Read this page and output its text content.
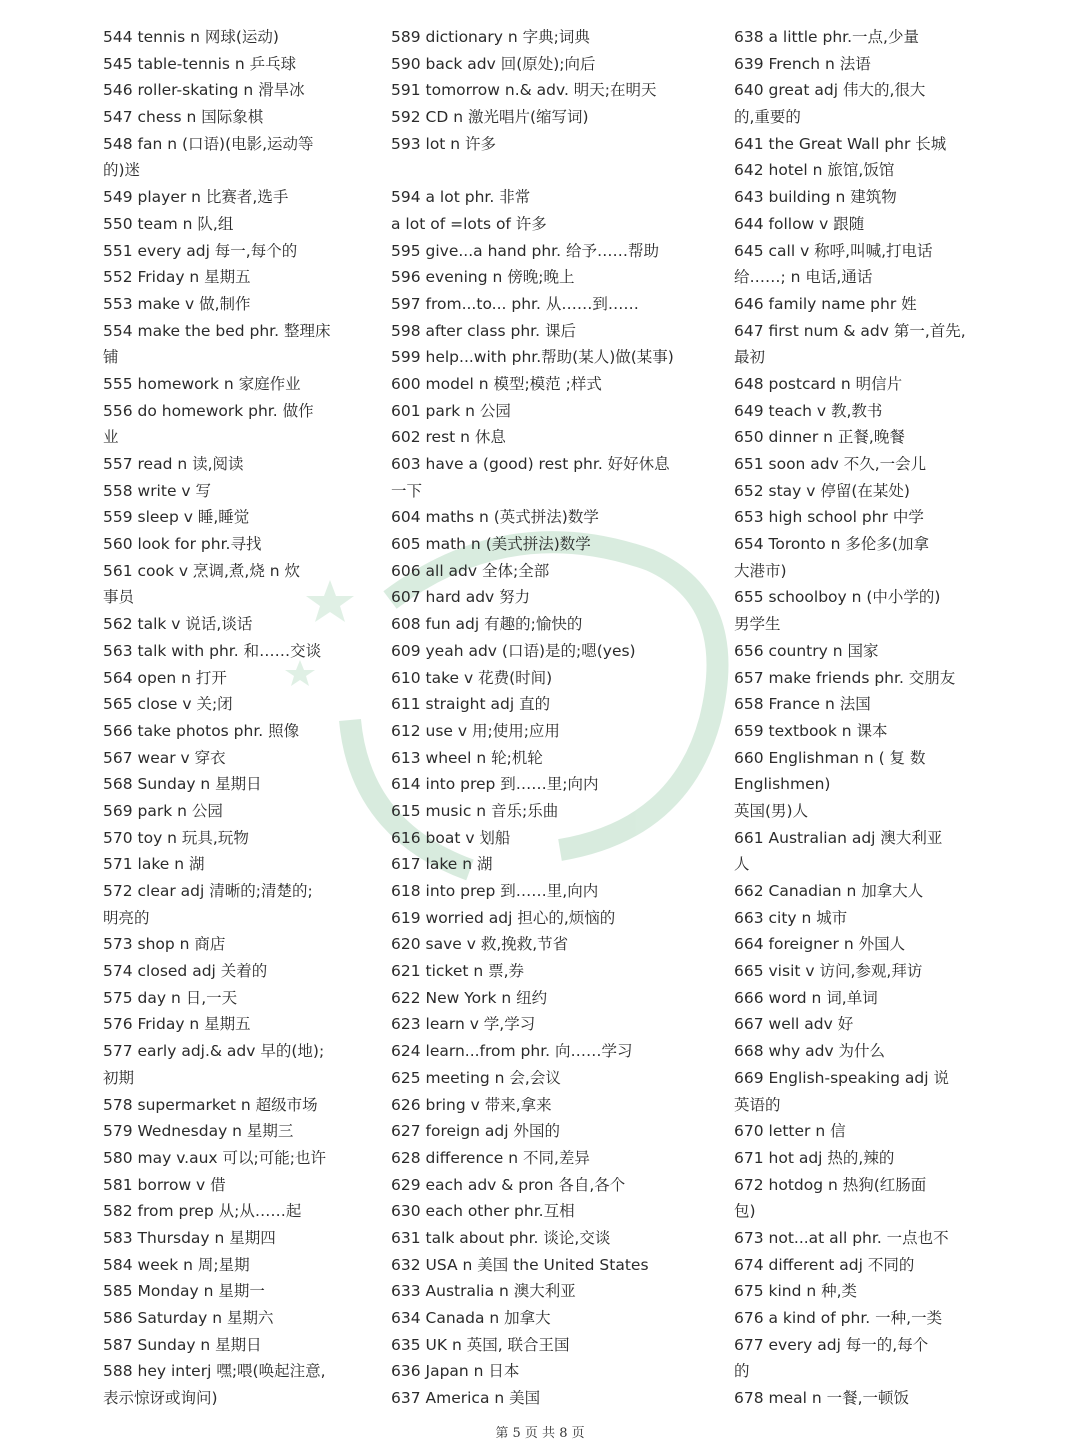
544 tennis n 网球(运动)
545 table-tennis n 乒乓球
546 roller-skating n 滑旱冰
547 chess n 国际象棋
548 fan n (口语)(电影,运动等
的)迷
549 player n 比赛者,选手
550 team n 队,组
551 every adj 每一,每个的
552 Friday n 星期五
553 make v 做,制作
554 make the bed phr. 整理床
铺
555 homework n 家庭作业
556 do homework phr. 做作
业
557 read n 读,阅读
558 write v 写
559 sleep v 睡,睡觉
560 look for phr.寻找
561 cook v 烹调,煮,烧 n 炊
事员
562 talk v 说话,谈话
563 talk with phr. 和……交谈
564 open n 打开
565 close v 关;闭
566 take photos phr. 照像
567 wear v 穿衣
568 Sunday n 星期日
569 park n 公园
570 toy n 玩具,玩物
571 lake n 湖
572 clear adj 清晰的;清楚的;
明亮的
573 shop n 商店
574 closed adj 关着的
575 day n 日,一天
576 Friday n 星期五
577 early adj.& adv 早的(地);
初期
578 supermarket n 超级市场
579 Wednesday n 星期三
580 may v.aux 可以;可能;也许
581 borrow v 借
582 from prep 从;从……起
583 Thursday n 星期四
584 week n 周;星期
585 Monday n 星期一
586 Saturday n 星期六
587 Sunday n 星期日
588 hey interj 嘿;喂(唤起注意,
表示惊讶或询问)
589 dictionary n 字典;词典
590 back adv 回(原处);向后
591 tomorrow n.& adv. 明天;在明天
592 CD n 激光唱片(缩写词)
593 lot n 许多
594 a lot phr. 非常
a lot of =lots of 许多
595 give...a hand phr. 给予……帮助
596 evening n 傍晚;晚上
597 from...to... phr. 从……到……
598 after class phr. 课后
599 help...with phr.帮助(某人)做(某事)
600 model n 模型;模范 ;样式
601 park n 公园
602 rest n 休息
603 have a (good) rest phr. 好好休息
一下
604 maths n (英式拼法)数学
605 math n (美式拼法)数学
606 all adv 全体;全部
607 hard adv 努力
608 fun adj 有趣的;愉快的
609 yeah adv (口语)是的;嗯(yes)
610 take v 花费(时间)
611 straight adj 直的
612 use v 用;使用;应用
613 wheel n 轮;机轮
614 into prep 到……里;向内
615 music n 音乐;乐曲
616 boat v 划船
617 lake n 湖
618 into prep 到……里,向内
619 worried adj 担心的,烦恼的
620 save v 救,挽救,节省
621 ticket n 票,券
622 New York n 纽约
623 learn v 学,学习
624 learn...from phr. 向……学习
625 meeting n 会,会议
626 bring v 带来,拿来
627 foreign adj 外国的
628 difference n 不同,差异
629 each adv & pron 各自,各个
630 each other phr.互相
631 talk about phr. 谈论,交谈
632 USA n 美国 the United States
633 Australia n 澳大利亚
634 Canada n 加拿大
635 UK n 英国, 联合王国
636 Japan n 日本
637 America n 美国
638 a little phr.一点,少量
639 French n 法语
640 great adj 伟大的,很大
的,重要的
641 the Great Wall phr 长城
642 hotel n 旅馆,饭馆
643 building n 建筑物
644 follow v 跟随
645 call v 称呼,叫喊,打电话
给……; n 电话,通话
646 family name phr 姓
647 first num & adv 第一,首先,
最初
648 postcard n 明信片
649 teach v 教,教书
650 dinner n 正餐,晚餐
651 soon adv 不久,一会儿
652 stay v 停留(在某处)
653 high school phr 中学
654 Toronto n 多伦多(加拿
大港市)
655 schoolboy n (中小学的)
男学生
656 country n 国家
657 make friends phr. 交朋友
658 France n 法国
659 textbook n 课本
660 Englishman n ( 复 数
Englishmen)
英国(男)人
661 Australian adj 澳大利亚
人
662 Canadian n 加拿大人
663 city n 城市
664 foreigner n 外国人
665 visit v 访问,参观,拜访
666 word n 词,单词
667 well adv 好
668 why adv 为什么
669 English-speaking adj 说
英语的
670 letter n 信
671 hot adj 热的,辣的
672 hotdog n 热狗(红肠面
包)
673 not...at all phr. 一点也不
674 different adj 不同的
675 kind n 种,类
676 a kind of phr. 一种,一类
677 every adj 每一的,每个
的
678 meal n 一餐,一顿饭
第 5 页 共 8 页
